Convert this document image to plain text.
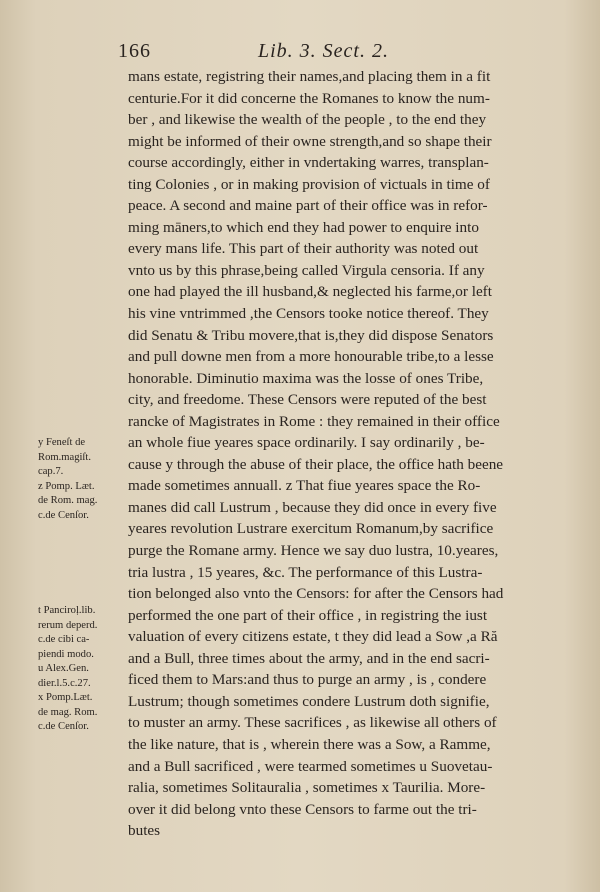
166	Lib. 3. Sect. 2.
mans estate, registring their names,and placing them in a fit
centurie.For it did concerne the Romanes to know the num-
ber , and likewise the wealth of the people , to the end they
might be informed of their owne strength,and so shape their
course accordingly, either in vndertaking warres, transplan-
ting Colonies , or in making provision of victuals in time of
peace. A second and maine part of their office was in refor-
ming māners,to which end they had power to enquire into
every mans life. This part of their authority was noted out
vnto us by this phrase,being called Virgula censoria. If any
one had played the ill husband,& neglected his farme,or left
his vine vntrimmed ,the Censors tooke notice thereof. They
did Senatu & Tribu movere,that is,they did dispose Senators
and pull downe men from a more honourable tribe,to a lesse
honorable. Diminutio maxima was the losse of ones Tribe,
city, and freedome. These Censors were reputed of the best
rancke of Magistrates in Rome : they remained in their office
an whole fiue yeares space ordinarily. I say ordinarily , be-
cause y through the abuse of their place, the office hath beene
made sometimes annuall. z That fiue yeares space the Ro-
manes did call Lustrum , because they did once in every five
yeares revolution Lustrare exercitum Romanum,by sacrifice
purge the Romane army. Hence we say duo lustra, 10.yeares,
tria lustra , 15 yeares, &c. The performance of this Lustra-
tion belonged also vnto the Censors: for after the Censors had
performed the one part of their office , in registring the iust
valuation of every citizens estate, t they did lead a Sow ,a Ră
and a Bull, three times about the army, and in the end sacri-
ficed them to Mars:and thus to purge an army , is , condere
Lustrum; though sometimes condere Lustrum doth signifie,
to muster an army. These sacrifices , as likewise all others of
the like nature, that is , wherein there was a Sow, a Ramme,
and a Bull sacrificed , were tearmed sometimes u Suovetau-
ralia, sometimes Solitauralia , sometimes x Taurilia. More-
over it did belong vnto these Censors to farme out the tri-
butes
y Feneſt de
Rom.magiſt.
cap.7.
z Pomp. Læt.
de Rom. mag.
c.de Cenſor.
t Panciroḷ.lib.
rerum deperd.
c.de cibi ca-
piendi modo.
u Alex.Gen.
dier.l.5.c.27.
x Pomp.Læt.
de mag. Rom.
c.de Cenſor.
